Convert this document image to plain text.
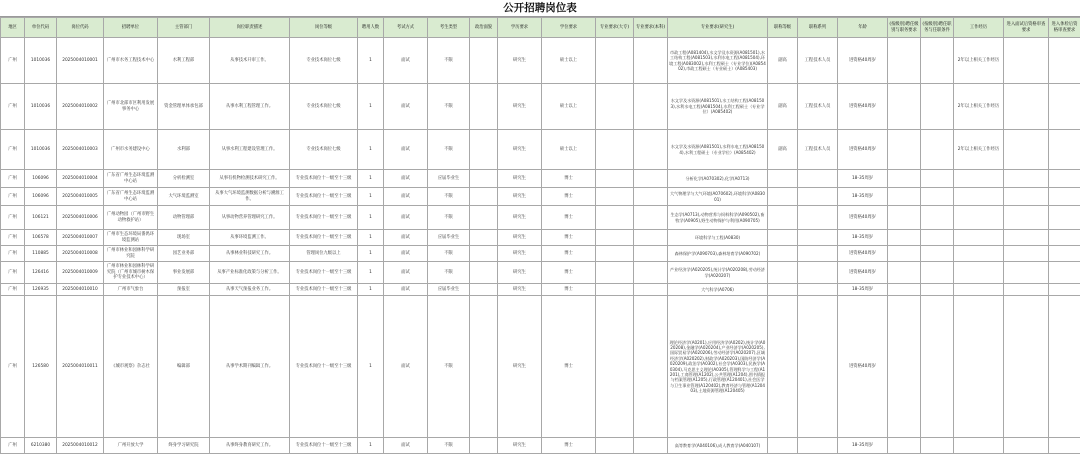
公开招聘岗位表
地区	单位代码	岗位代码	招聘单位	主管部门	岗位职责描述	岗位等级	聘用人数	考试方式	考生类型	政治面貌	学历要求	学位要求	专业要求(大专)	专业要求(本科)	专业要求(研究生)	职称等级	职称系列	年龄	(按级别)聘任级别与职务要求	(按级别)聘任职务与任职条件	工作经历	进入面试后资格审查要求	进入体检后资格审查要求
广州	1010036	2025004010001	广州市水务工程技术中心	水利工程部	从事技术开审工作。	专业技术岗位七级	1	面试	不限		研究生	硕士以上			市政工程(A081404),水文学及水资源(A081501),水工结构工程(A081503),水利水电工程(A081504),环境工程(A083002),水利工程硕士（专业学位)(A085402),市政工程硕士（专业硕士）(A085403)	副高	工程技术人员	进资格40周岁			2年以上相关工作经历		
广州	1010036	2025004010002	广州市北部市区利用发展事务中心	资金管理单体承包部	从事水利工程管理工作。	专业技术岗位七级	1	面试	不限		研究生	硕士以上			水文学及水资源(A081501),水工结构工程(A081503),水利水电工程(A081504),水利工程硕士（专业学位）(A085402)	副高	工程技术人员	进资格40周岁			2年以上相关工作经历		
广州	1010036	2025004010003	广州市水务建设中心	水利部	从事水利工程建设管理工作。	专业技术岗位七级	1	面试	不限		研究生	硕士以上			水文学及水资源(A081501),水利水电工程(A081504),水利工程硕士（专业学位）(A085402)	副高	工程技术人员	进资格40周岁			2年以上相关工作经历		
广州	106096	2025004010004	广东省广州生态环境监测中心站	分析检测室	从事有机物检测技术研究工作。	专业技术岗位十一级至十三级	1	面试	应届毕业生		研究生	博士			分析化学(A070302),化学(A0713)			18-35周岁					
广州	106096	2025004010005	广东省广州生态环境监测中心站	大气环境监测室	从事大气环境监测数据分析与溯源工作。	专业技术岗位十一级至十三级	1	面试	不限		研究生	博士			大气物理学与大气环境(A070602),环境科学(A083001)			18-35周岁					
广州	106121	2025004010006	广州动物园（广州市野生动物救护站）	动物管理部	从事动物营养管理研究工作。	专业技术岗位十一级至十三级	1	面试	不限		研究生	博士			生态学(A0713),动物营养与饲料科学(A090502),畜牧学(A0905),野生动物保护与利用(A090705)			进资格40周岁					
广州	106578	2025004010007	广州市生态环境局番禺环境监测站	现场室	从事环境监测工作。	专业技术岗位十一级至十三级	1	面试	应届毕业生		研究生	博士			环境科学与工程(A0830)			18-35周岁					
广州	110885	2025004010008	广州市林业和园林科学研究院	园艺业务部	从事林业科技研究工作。	管理岗位九级以上	1	面试	不限		研究生	博士			森林保护学(A090703),森林培育学(A090702)			进资格40周岁					
广州	126416	2025004010009	广州市林业和园林科学研究院（广州市城市树木保护专业技术中心）	事业发展部	从事产业标准化政策与分析工作。	专业技术岗位十一级至十三级	1	面试	不限		研究生	博士			产业经济学(A020205),统计学(A020208),劳动经济学(A020207)			进资格40周岁					
广州	126935	2025004010010	广州市气象台	预报室	从事天气预报业务工作。	专业技术岗位十一级至十三级	1	面试	应届毕业生		研究生	博士			大气科学(A0706)			18-35周岁					
广州	126580	2025004010011	《城市观察》杂志社	编辑部	从事学术期刊编辑工作。	专业技术岗位十一级至十三级	1	面试	不限		研究生	博士			理论经济学(A0201),应用经济学(A0202),统计学(A020208),金融学(A020204),产业经济学(A020205),国际贸易学(A020206),劳动经济学(A020207),区域经济学(A020202),财政学(A020203),国防经济学(A020209),政治学(A0302),社会学(A0303),民族学(A0304),马克思主义理论(A0305),管理科学与工程(A1201),工商管理(A1202),公共管理(A1204),图书情报与档案管理(A1205),行政管理(A120401),社会医学与卫生事业管理(A120402),教育经济与管理(A120403),土地资源管理(A120405)			进资格40周岁					
广州	6210380	2025004010012	广州开放大学	终身学习研究院	从事终身教育研究工作。	专业技术岗位十一级至十三级	1	面试	不限		研究生	博士			高等教育学(A040106),成人教育学(A040107)			18-35周岁					
